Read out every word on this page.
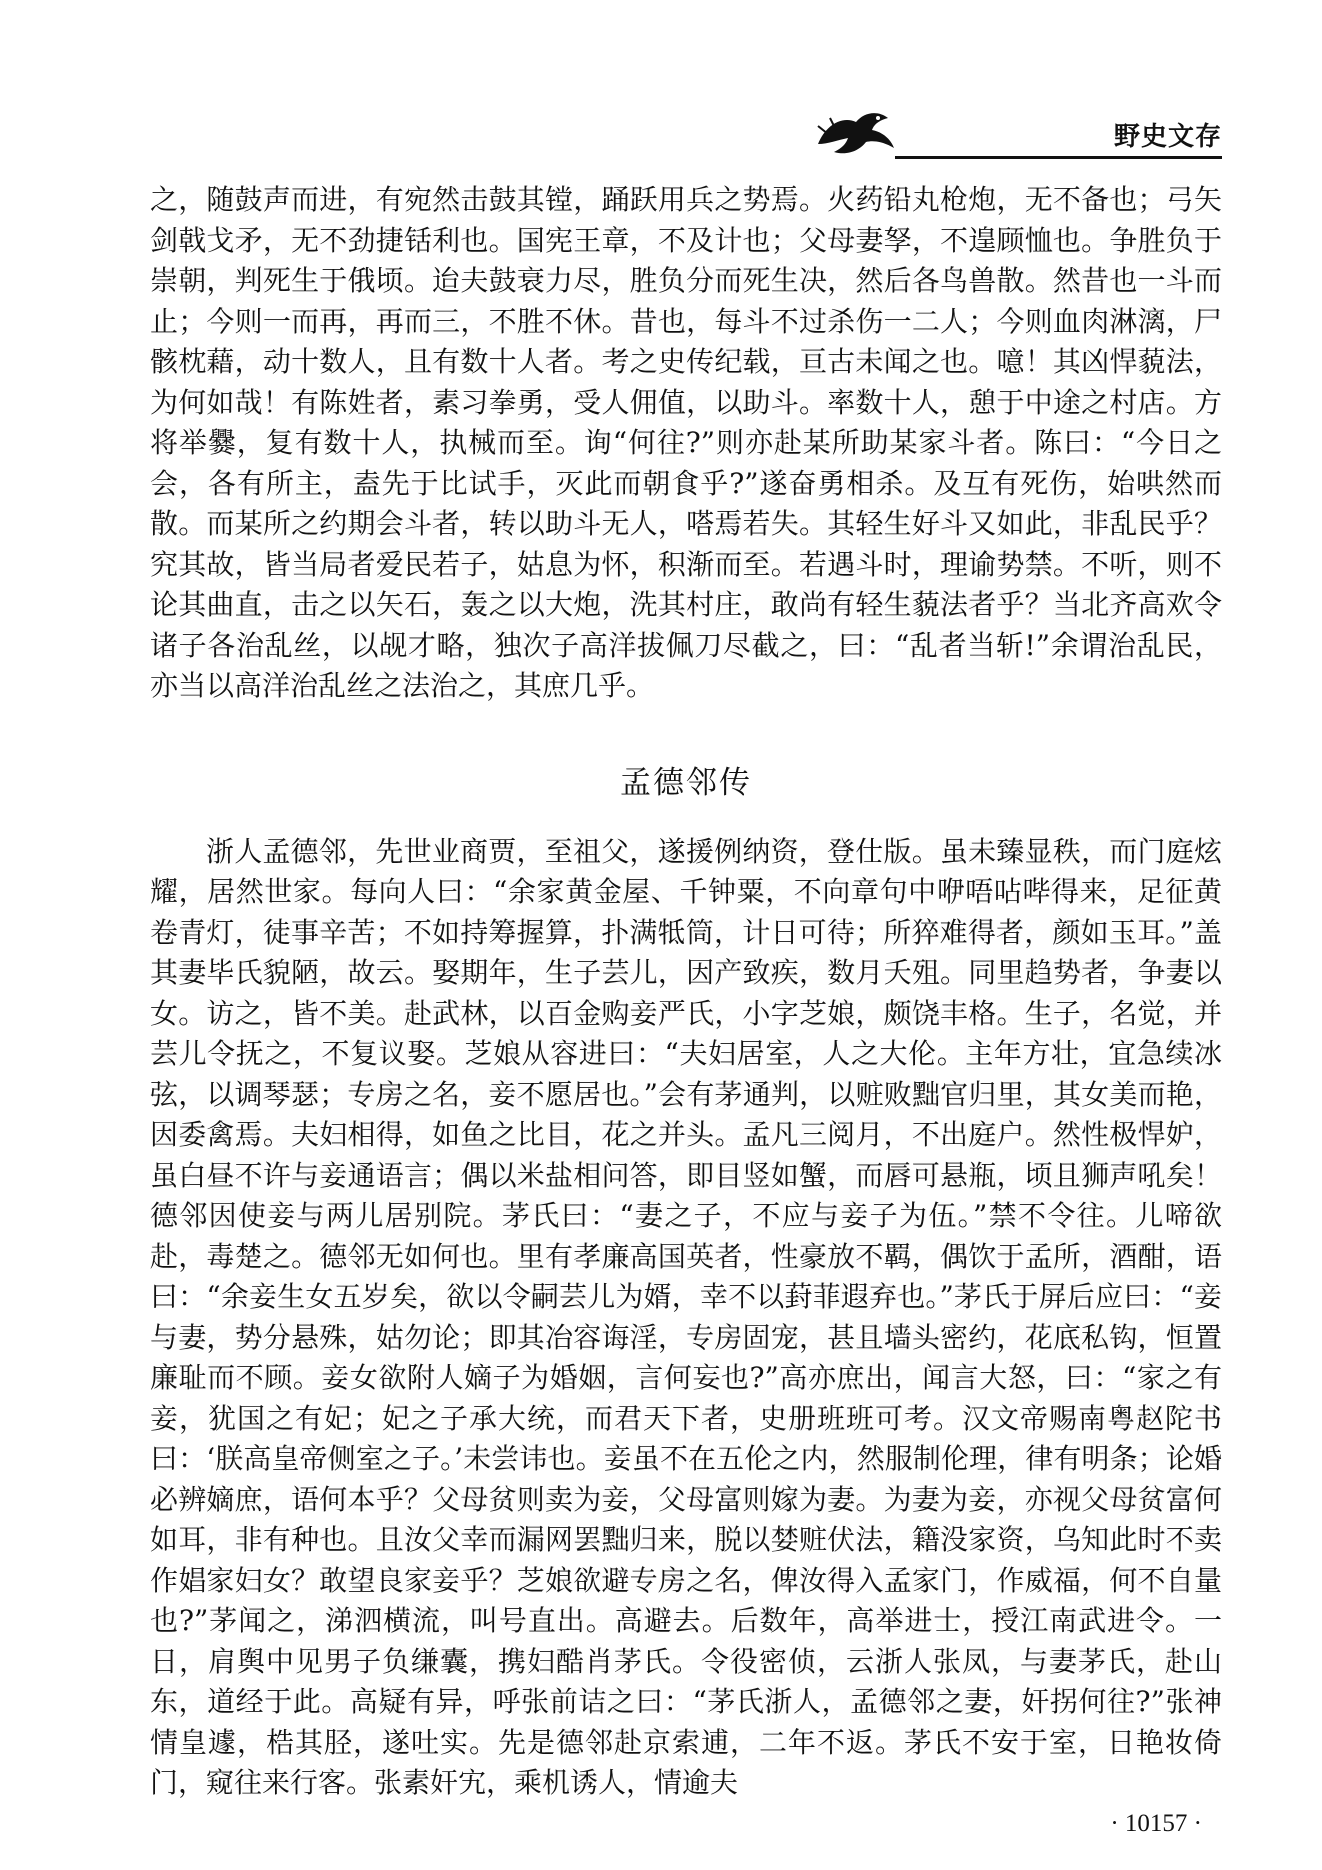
野史文存

之，随鼓声而进，有宛然击鼓其镗，踊跃用兵之势焉。火药铅丸枪炮，无不备也；弓矢剑戟戈矛，无不劲捷铦利也。国宪王章，不及计也；父母妻孥，不遑顾恤也。争胜负于崇朝，判死生于俄顷。迨夫鼓衰力尽，胜负分而死生决，然后各鸟兽散。然昔也一斗而止；今则一而再，再而三，不胜不休。昔也，每斗不过杀伤一二人；今则血肉淋漓，尸骸枕藉，动十数人，且有数十人者。考之史传纪载，亘古未闻之也。噫！其凶悍藐法，为何如哉！有陈姓者，素习拳勇，受人佣值，以助斗。率数十人，憩于中途之村店。方将举爨，复有数十人，执械而至。询“何往?”则亦赴某所助某家斗者。陈曰：“今日之会，各有所主，盍先于比试手，灭此而朝食乎?”遂奋勇相杀。及互有死伤，始哄然而散。而某所之约期会斗者，转以助斗无人，嗒焉若失。其轻生好斗又如此，非乱民乎？究其故，皆当局者爱民若子，姑息为怀，积渐而至。若遇斗时，理谕势禁。不听，则不论其曲直，击之以矢石，轰之以大炮，洗其村庄，敢尚有轻生藐法者乎？当北齐高欢令诸子各治乱丝，以觇才略，独次子高洋拔佩刀尽截之，曰：“乱者当斩!”余谓治乱民，亦当以高洋治乱丝之法治之，其庶几乎。

孟德邻传

浙人孟德邻，先世业商贾，至祖父，遂援例纳资，登仕版。虽未臻显秩，而门庭炫耀，居然世家。每向人曰：“余家黄金屋、千钟粟，不向章句中咿唔呫哔得来，足征黄卷青灯，徒事辛苦；不如持筹握算，扑满牴筒，计日可待；所猝难得者，颜如玉耳。”盖其妻毕氏貌陋，故云。娶期年，生子芸儿，因产致疾，数月夭殂。同里趋势者，争妻以女。访之，皆不美。赴武林，以百金购妾严氏，小字芝娘，颇饶丰格。生子，名觉，并芸儿令抚之，不复议娶。芝娘从容进曰：“夫妇居室，人之大伦。主年方壮，宜急续冰弦，以调琴瑟；专房之名，妾不愿居也。”会有茅通判，以赃败黜官归里，其女美而艳，因委禽焉。夫妇相得，如鱼之比目，花之并头。孟凡三阅月，不出庭户。然性极悍妒，虽白昼不许与妾通语言；偶以米盐相问答，即目竖如蟹，而唇可悬瓶，顷且狮声吼矣！德邻因使妾与两儿居别院。茅氏曰：“妻之子，不应与妾子为伍。”禁不令往。儿啼欲赴，毒楚之。德邻无如何也。里有孝廉高国英者，性豪放不羁，偶饮于孟所，酒酣，语曰：“余妾生女五岁矣，欲以令嗣芸儿为婿，幸不以葑菲遐弃也。”茅氏于屏后应曰：“妾与妻，势分悬殊，姑勿论；即其冶容诲淫，专房固宠，甚且墙头密约，花底私钩，恒置廉耻而不顾。妾女欲附人嫡子为婚姻，言何妄也?”高亦庶出，闻言大怒，曰：“家之有妾，犹国之有妃；妃之子承大统，而君天下者，史册班班可考。汉文帝赐南粤赵陀书曰：‘朕高皇帝侧室之子。’未尝讳也。妾虽不在五伦之内，然服制伦理，律有明条；论婚必辨嫡庶，语何本乎？父母贫则卖为妾，父母富则嫁为妻。为妻为妾，亦视父母贫富何如耳，非有种也。且汝父幸而漏网罢黜归来，脱以婪赃伏法，籍没家资，乌知此时不卖作娼家妇女？敢望良家妾乎？芝娘欲避专房之名，俾汝得入孟家门，作威福，何不自量也?”茅闻之，涕泗横流，叫号直出。高避去。后数年，高举进士，授江南武进令。一日，肩舆中见男子负缣囊，携妇酷肖茅氏。令役密侦，云浙人张凤，与妻茅氏，赴山东，道经于此。高疑有异，呼张前诘之曰：“茅氏浙人，孟德邻之妻，奸拐何往?”张神情皇遽，梏其胫，遂吐实。先是德邻赴京索逋，二年不返。茅氏不安于室，日艳妆倚门，窥往来行客。张素奸宄，乘机诱人，情逾夫

· 10157 ·
